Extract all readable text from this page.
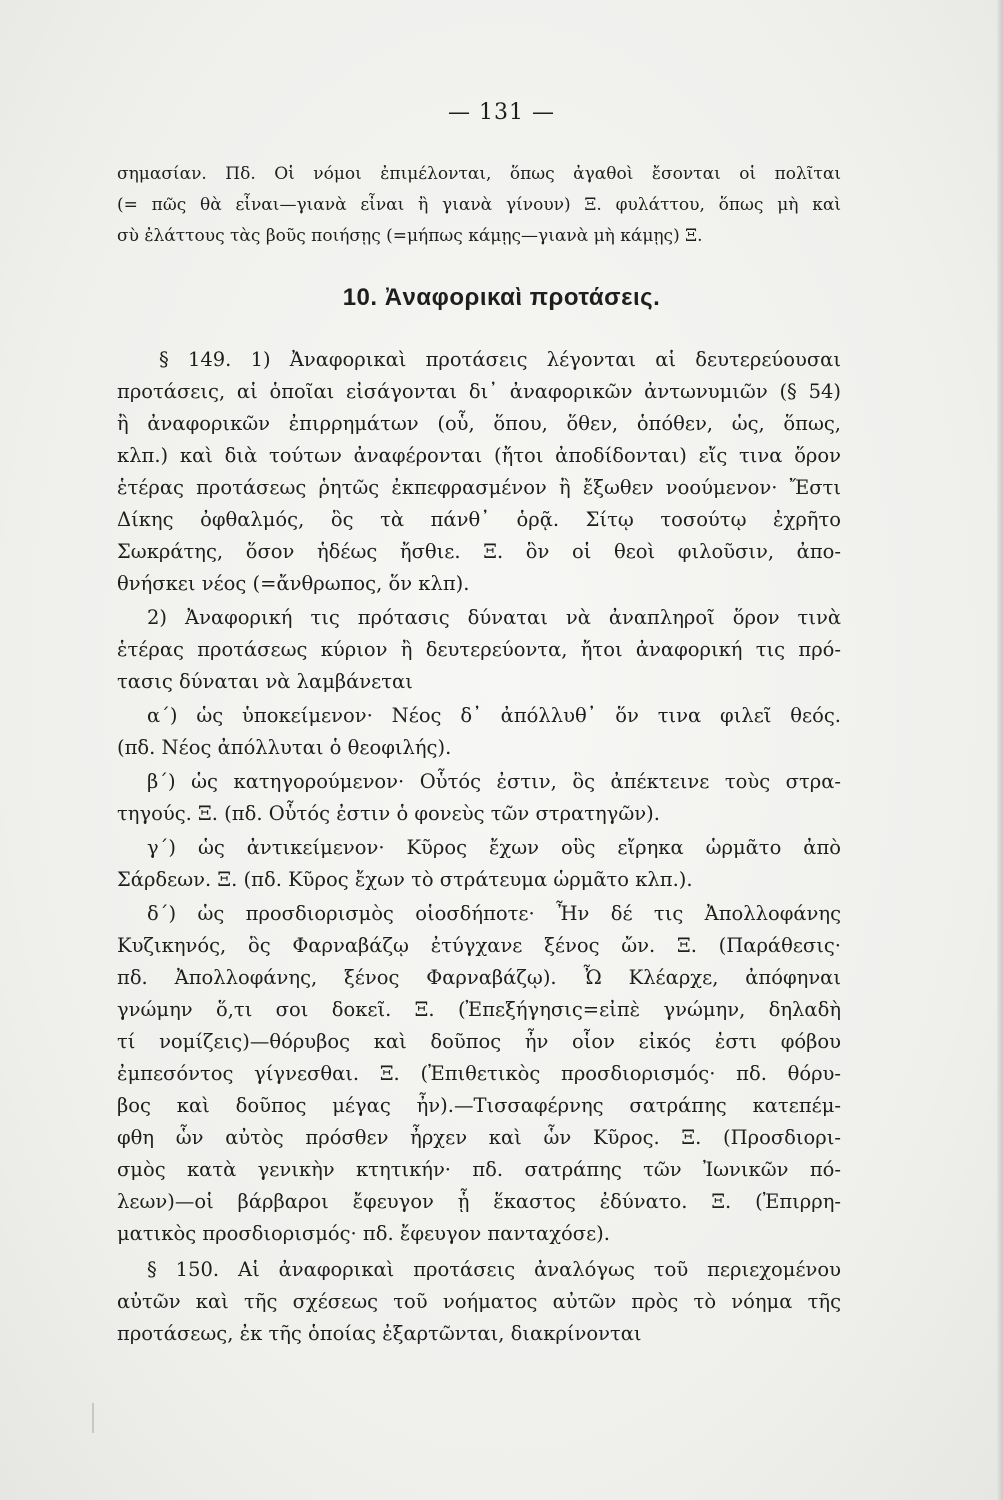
— 131 —
σημασίαν. Πδ. Οἱ νόμοι ἐπιμέλονται, ὅπως ἀγαθοὶ ἔσονται οἱ πολῖται
(= πῶς θὰ εἶναι—γιανὰ εἶναι ἢ γιανὰ γίνουν) Ξ. φυλάττου, ὅπως μὴ καὶ
σὺ ἐλάττους τὰς βοῦς ποιήσῃς (=μήπως κάμῃς—γιανὰ μὴ κάμῃς) Ξ.
10. Ἀναφορικαὶ προτάσεις.
§ 149. 1) Ἀναφορικαὶ προτάσεις λέγονται αἱ δευτερεύουσαι
προτάσεις, αἱ ὁποῖαι εἰσάγονται δι᾽ ἀναφορικῶν ἀντωνυμιῶν (§ 54)
ἢ ἀναφορικῶν ἐπιρρημάτων (οὗ, ὅπου, ὅθεν, ὁπόθεν, ὡς, ὅπως,
κλπ.) καὶ διὰ τούτων ἀναφέρονται (ἤτοι ἀποδίδονται) εἴς τινα ὅρον
ἑτέρας προτάσεως ῥητῶς ἐκπεφρασμένον ἢ ἔξωθεν νοούμενον· Ἔστι
Δίκης ὀφθαλμός, ὃς τὰ πάνθ᾽ ὁρᾷ. Σίτῳ τοσούτῳ ἐχρῆτο
Σωκράτης, ὅσον ἡδέως ἤσθιε. Ξ. ὃν οἱ θεοὶ φιλοῦσιν, ἀπο-
θνήσκει νέος (=ἄνθρωπος, ὅν κλπ).
2) Ἀναφορική τις πρότασις δύναται νὰ ἀναπληροῖ ὅρον τινὰ
ἑτέρας προτάσεως κύριον ἢ δευτερεύοντα, ἤτοι ἀναφορική τις πρό-
τασις δύναται νὰ λαμβάνεται
α΄) ὡς ὑποκείμενον· Νέος δ᾽ ἀπόλλυθ᾽ ὅν τινα φιλεῖ θεός.
(πδ. Νέος ἀπόλλυται ὁ θεοφιλής).
β΄) ὡς κατηγορούμενον· Οὗτός ἐστιν, ὃς ἀπέκτεινε τοὺς στρα-
τηγούς. Ξ. (πδ. Οὗτός ἐστιν ὁ φονεὺς τῶν στρατηγῶν).
γ΄) ὡς ἀντικείμενον· Κῦρος ἔχων οὓς εἴρηκα ὡρμᾶτο ἀπὸ
Σάρδεων. Ξ. (πδ. Κῦρος ἔχων τὸ στράτευμα ὡρμᾶτο κλπ.).
δ΄) ὡς προσδιορισμὸς οἱοσδήποτε· Ἦν δέ τις Ἀπολλοφάνης
Κυζικηνός, ὃς Φαρναβάζῳ ἐτύγχανε ξένος ὤν. Ξ. (Παράθεσις·
πδ. Ἀπολλοφάνης, ξένος Φαρναβάζῳ). Ὦ Κλέαρχε, ἀπόφηναι
γνώμην ὅ,τι σοι δοκεῖ. Ξ. (Ἐπεξήγησις=εἰπὲ γνώμην, δηλαδὴ
τί νομίζεις)—θόρυβος καὶ δοῦπος ἦν οἷον εἰκός ἐστι φόβου
ἐμπεσόντος γίγνεσθαι. Ξ. (Ἐπιθετικὸς προσδιορισμός· πδ. θόρυ-
βος καὶ δοῦπος μέγας ἦν).—Τισσαφέρνης σατράπης κατεπέμ-
φθη ὧν αὐτὸς πρόσθεν ἦρχεν καὶ ὧν Κῦρος. Ξ. (Προσδιορι-
σμὸς κατὰ γενικὴν κτητικήν· πδ. σατράπης τῶν Ἰωνικῶν πό-
λεων)—οἱ βάρβαροι ἔφευγον ᾗ ἕκαστος ἐδύνατο. Ξ. (Ἐπιρρη-
ματικὸς προσδιορισμός· πδ. ἔφευγον πανταχόσε).
§ 150. Αἱ ἀναφορικαὶ προτάσεις ἀναλόγως τοῦ περιεχομένου
αὐτῶν καὶ τῆς σχέσεως τοῦ νοήματος αὐτῶν πρὸς τὸ νόημα τῆς
προτάσεως, ἐκ τῆς ὁποίας ἐξαρτῶνται, διακρίνονται
